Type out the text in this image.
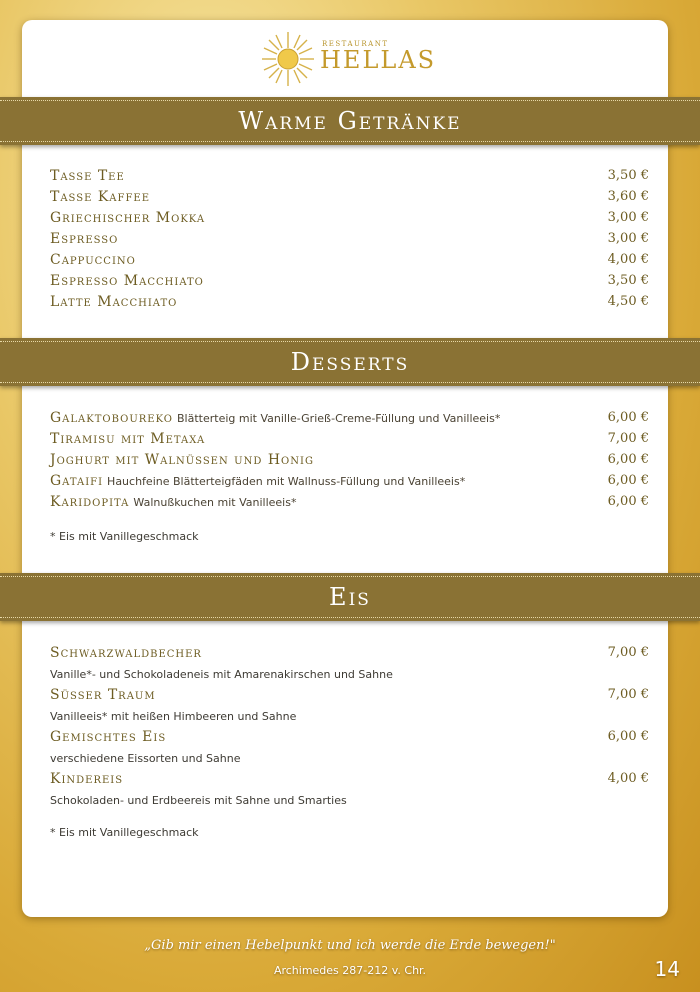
RESTAURANT
HELLAS
Warme Getränke
Tasse Tee	3,50 €
Tasse Kaffee	3,60 €
Griechischer Mokka	3,00 €
Espresso	3,00 €
Cappuccino	4,00 €
Espresso Macchiato	3,50 €
Latte Macchiato	4,50 €
Desserts
Galaktoboureko Blätterteig mit Vanille-Grieß-Creme-Füllung und Vanilleeis*	6,00 €
Tiramisu mit Metaxa	7,00 €
Joghurt mit Walnüssen und Honig	6,00 €
Gataifi Hauchfeine Blätterteigfäden mit Wallnuss-Füllung und Vanilleeis*	6,00 €
Karidopita Walnußkuchen mit Vanilleeis*	6,00 €
* Eis mit Vanillegeschmack
Eis
Schwarzwaldbecher	7,00 €
Vanille*- und Schokoladeneis mit Amarenakirschen und Sahne
Süsser Traum	7,00 €
Vanilleeis* mit heißen Himbeeren und Sahne
Gemischtes Eis	6,00 €
verschiedene Eissorten und Sahne
Kindereis	4,00 €
Schokoladen- und Erdbeereis mit Sahne und Smarties
* Eis mit Vanillegeschmack
„Gib mir einen Hebelpunkt und ich werde die Erde bewegen!"
Archimedes 287-212 v. Chr.	14
